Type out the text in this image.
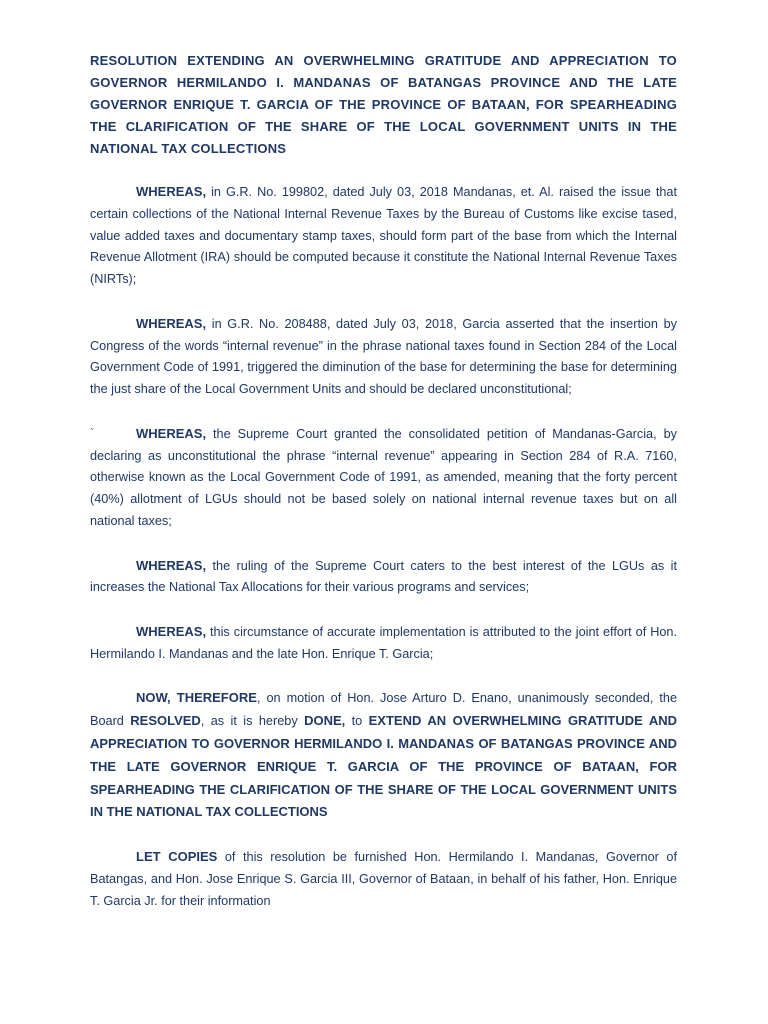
RESOLUTION EXTENDING AN OVERWHELMING GRATITUDE AND APPRECIATION TO GOVERNOR HERMILANDO I. MANDANAS OF BATANGAS PROVINCE AND THE LATE GOVERNOR ENRIQUE T. GARCIA OF THE PROVINCE OF BATAAN, FOR SPEARHEADING THE CLARIFICATION OF THE SHARE OF THE LOCAL GOVERNMENT UNITS IN THE NATIONAL TAX COLLECTIONS

WHEREAS, in G.R. No. 199802, dated July 03, 2018 Mandanas, et. Al. raised the issue that certain collections of the National Internal Revenue Taxes by the Bureau of Customs like excise tased, value added taxes and documentary stamp taxes, should form part of the base from which the Internal Revenue Allotment (IRA) should be computed because it constitute the National Internal Revenue Taxes (NIRTs);

WHEREAS, in G.R. No. 208488, dated July 03, 2018, Garcia asserted that the insertion by Congress of the words “internal revenue” in the phrase national taxes found in Section 284 of the Local Government Code of 1991, triggered the diminution of the base for determining the base for determining the just share of the Local Government Units and should be declared unconstitutional;

`	WHEREAS, the Supreme Court granted the consolidated petition of Mandanas-Garcia, by declaring as unconstitutional the phrase “internal revenue” appearing in Section 284 of R.A. 7160, otherwise known as the Local Government Code of 1991, as amended, meaning that the forty percent (40%) allotment of LGUs should not be based solely on national internal revenue taxes but on all national taxes;

WHEREAS, the ruling of the Supreme Court caters to the best interest of the LGUs as it increases the National Tax Allocations for their various programs and services;

WHEREAS, this circumstance of accurate implementation is attributed to the joint effort of Hon. Hermilando I. Mandanas and the late Hon. Enrique T. Garcia;

NOW, THEREFORE, on motion of Hon. Jose Arturo D. Enano, unanimously seconded, the Board RESOLVED, as it is hereby DONE, to EXTEND AN OVERWHELMING GRATITUDE AND APPRECIATION TO GOVERNOR HERMILANDO I. MANDANAS OF BATANGAS PROVINCE AND THE LATE GOVERNOR ENRIQUE T. GARCIA OF THE PROVINCE OF BATAAN, FOR SPEARHEADING THE CLARIFICATION OF THE SHARE OF THE LOCAL GOVERNMENT UNITS IN THE NATIONAL TAX COLLECTIONS

LET COPIES of this resolution be furnished Hon. Hermilando I. Mandanas, Governor of Batangas, and Hon. Jose Enrique S. Garcia III, Governor of Bataan, in behalf of his father, Hon. Enrique T. Garcia Jr. for their information
